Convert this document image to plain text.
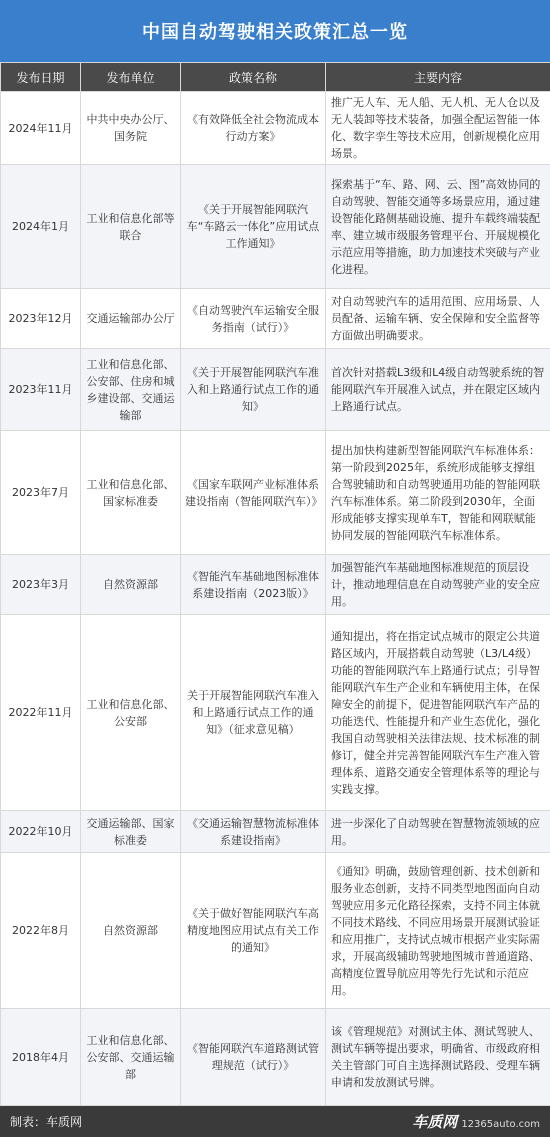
中国自动驾驶相关政策汇总一览
发布日期	发布单位	政策名称	主要内容
2024年11月	中共中央办公厅、国务院	《有效降低全社会物流成本行动方案》	推广无人车、无人船、无人机、无人仓以及无人装卸等技术装备，加强全配运智能一体化、数字孪生等技术应用，创新规模化应用场景。
2024年1月	工业和信息化部等联合	《关于开展智能网联汽车“车路云一体化”应用试点工作通知》	探索基于“车、路、网、云、图”高效协同的自动驾驶、智能交通等多场景应用，通过建设智能化路侧基础设施、提升车载终端装配率、建立城市级服务管理平台、开展规模化示范应用等措施，助力加速技术突破与产业化进程。
2023年12月	交通运输部办公厅	《自动驾驶汽车运输安全服务指南（试行）》	对自动驾驶汽车的适用范围、应用场景、人员配备、运输车辆、安全保障和安全监督等方面做出明确要求。
2023年11月	工业和信息化部、公安部、住房和城乡建设部、交通运输部	《关于开展智能网联汽车准入和上路通行试点工作的通知》	首次针对搭载L3级和L4级自动驾驶系统的智能网联汽车开展准入试点，并在限定区域内上路通行试点。
2023年7月	工业和信息化部、国家标准委	《国家车联网产业标准体系建设指南（智能网联汽车）》	提出加快构建新型智能网联汽车标准体系：第一阶段到2025年，系统形成能够支撑组合驾驶辅助和自动驾驶通用功能的智能网联汽车标准体系。第二阶段到2030年，全面形成能够支撑实现单车T，智能和网联赋能协同发展的智能网联汽车标准体系。
2023年3月	自然资源部	《智能汽车基础地图标准体系建设指南（2023版）》	加强智能汽车基础地图标准规范的顶层设计，推动地理信息在自动驾驶产业的安全应用。
2022年11月	工业和信息化部、公安部	关于开展智能网联汽车准入和上路通行试点工作的通知》（征求意见稿）	通知提出，将在指定试点城市的限定公共道路区域内，开展搭载自动驾驶（L3/L4级）功能的智能网联汽车上路通行试点；引导智能网联汽车生产企业和车辆使用主体，在保障安全的前提下，促进智能网联汽车产品的功能迭代、性能提升和产业生态优化，强化我国自动驾驶相关法律法规、技术标准的制修订，健全并完善智能网联汽车生产准入管理体系、道路交通安全管理体系等的理论与实践支撑。
2022年10月	交通运输部、国家标准委	《交通运输智慧物流标准体系建设指南》	进一步深化了自动驾驶在智慧物流领域的应用。
2022年8月	自然资源部	《关于做好智能网联汽车高精度地图应用试点有关工作的通知》	《通知》明确，鼓励管理创新、技术创新和服务业态创新，支持不同类型地图面向自动驾驶应用多元化路径探索，支持不同主体就不同技术路线、不同应用场景开展测试验证和应用推广，支持试点城市根据产业实际需求，开展高级辅助驾驶地图城市普通道路、高精度位置导航应用等先行先试和示范应用。
2018年4月	工业和信息化部、公安部、交通运输部	《智能网联汽车道路测试管理规范（试行）》	该《管理规范》对测试主体、测试驾驶人、测试车辆等提出要求，明确省、市级政府相关主管部门可自主选择测试路段、受理车辆申请和发放测试号牌。
制表：车质网	车质网 12365auto.com
